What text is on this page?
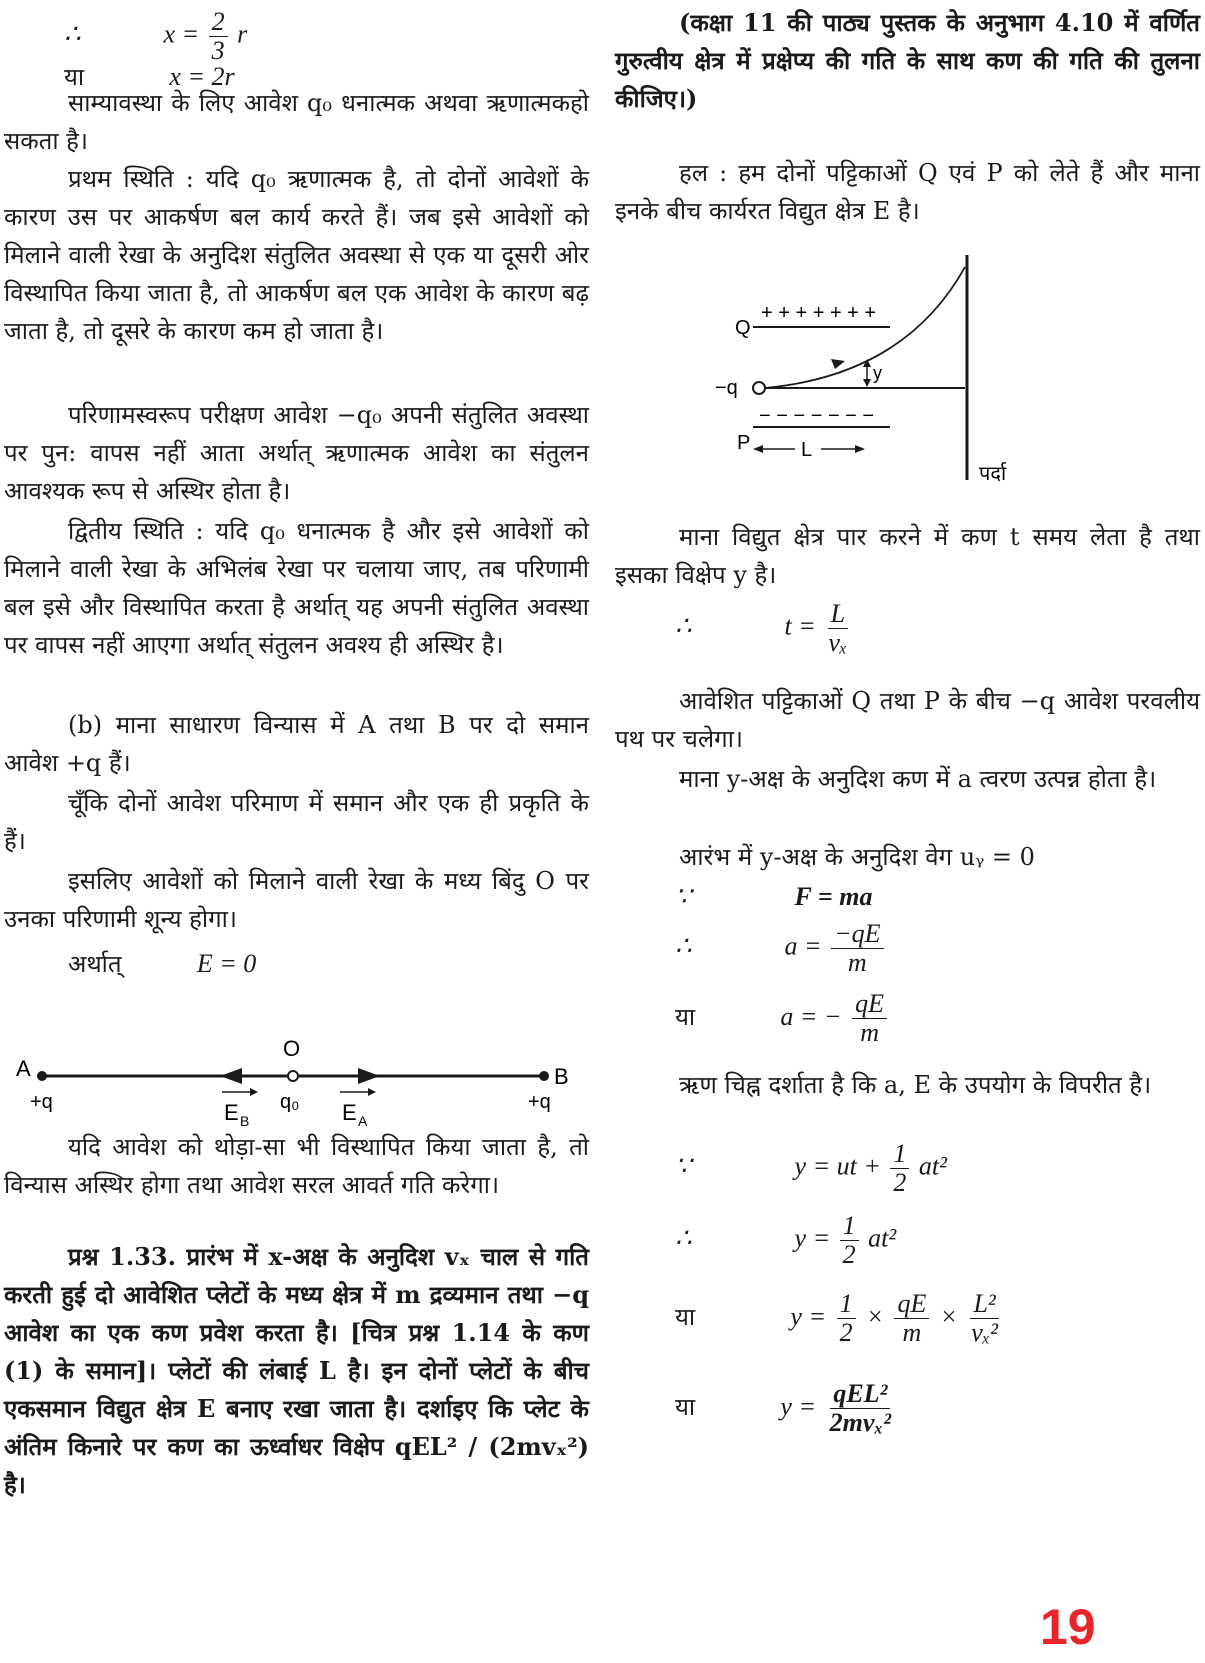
∴	$x = \frac{2}{3}$ r
या	x = 2r

साम्यावस्था के लिए आवेश q₀ धनात्मक अथवा ऋणात्मकहो सकता है।

प्रथम स्थिति : यदि q₀ ऋणात्मक है, तो दोनों आवेशों के कारण उस पर आकर्षण बल कार्य करते हैं। जब इसे आवेशों को मिलाने वाली रेखा के अनुदिश संतुलित अवस्था से एक या दूसरी ओर विस्थापित किया जाता है, तो आकर्षण बल एक आवेश के कारण बढ़ जाता है, तो दूसरे के कारण कम हो जाता है।

परिणामस्वरूप परीक्षण आवेश −q₀ अपनी संतुलित अवस्था पर पुन: वापस नहीं आता अर्थात् ऋणात्मक आवेश का संतुलन आवश्यक रूप से अस्थिर होता है।

द्वितीय स्थिति : यदि q₀ धनात्मक है और इसे आवेशों को मिलाने वाली रेखा के अभिलंब रेखा पर चलाया जाए, तब परिणामी बल इसे और विस्थापित करता है अर्थात् यह अपनी संतुलित अवस्था पर वापस नहीं आएगा अर्थात् संतुलन अवश्य ही अस्थिर है।

(b) माना साधारण विन्यास में A तथा B पर दो समान आवेश +q हैं।

चूँकि दोनों आवेश परिमाण में समान और एक ही प्रकृति के हैं।

इसलिए आवेशों को मिलाने वाली रेखा के मध्य बिंदु O पर उनका परिणामी शून्य होगा।

अर्थात्	E = 0
A
+q
B
+q
O
q₀
E B	E A

यदि आवेश को थोड़ा-सा भी विस्थापित किया जाता है, तो विन्यास अस्थिर होगा तथा आवेश सरल आवर्त गति करेगा।

प्रश्न 1.33. प्रारंभ में x-अक्ष के अनुदिश vₓ चाल से गति करती हुई दो आवेशित प्लेटों के मध्य क्षेत्र में m द्रव्यमान तथा −q आवेश का एक कण प्रवेश करता है। [चित्र प्रश्न 1.14 के कण (1) के समान]। प्लेटों की लंबाई L है। इन दोनों प्लेटों के बीच एकसमान विद्युत क्षेत्र E बनाए रखा जाता है। दर्शाइए कि प्लेट के अंतिम किनारे पर कण का ऊर्ध्वाधर विक्षेप qEL² / (2mvₓ²) है।

(कक्षा 11 की पाठ्य पुस्तक के अनुभाग 4.10 में वर्णित गुरुत्वीय क्षेत्र में प्रक्षेप्य की गति के साथ कण की गति की तुलना कीजिए।)

हल : हम दोनों पट्टिकाओं Q एवं P को लेते हैं और माना इनके बीच कार्यरत विद्युत क्षेत्र E है।

Q
+ + + + + + +
P
− − − − − − −
−q
y
पर्दा
L

माना विद्युत क्षेत्र पार करने में कण t समय लेता है तथा इसका विक्षेप y है।

∴	$t = \frac{L}{\text{vₓ}}$

आवेशित पट्टिकाओं Q तथा P के बीच −q आवेश परवलीय पथ पर चलेगा।

माना y-अक्ष के अनुदिश कण में a त्वरण उत्पन्न होता है।

आरंभ में y-अक्ष के अनुदिश वेग uᵧ = 0

∵	F = ma
∴	$a = \frac{-qE}{m}$
या	a = − $\frac{qE}{m}$

ऋण चिह्न दर्शाता है कि a, E के उपयोग के विपरीत है।

∵	y = ut + $\frac{1}{2} at^2$
∴	$y = \frac{1}{2} at^2$
या	$y = \frac{1}{2} \times \frac{qE}{m} \times \frac{\text{L²}}{\text{vₓ²}}$
या	$y = \frac{\text{qEL²}}{\text{2mvₓ²}}$
19
